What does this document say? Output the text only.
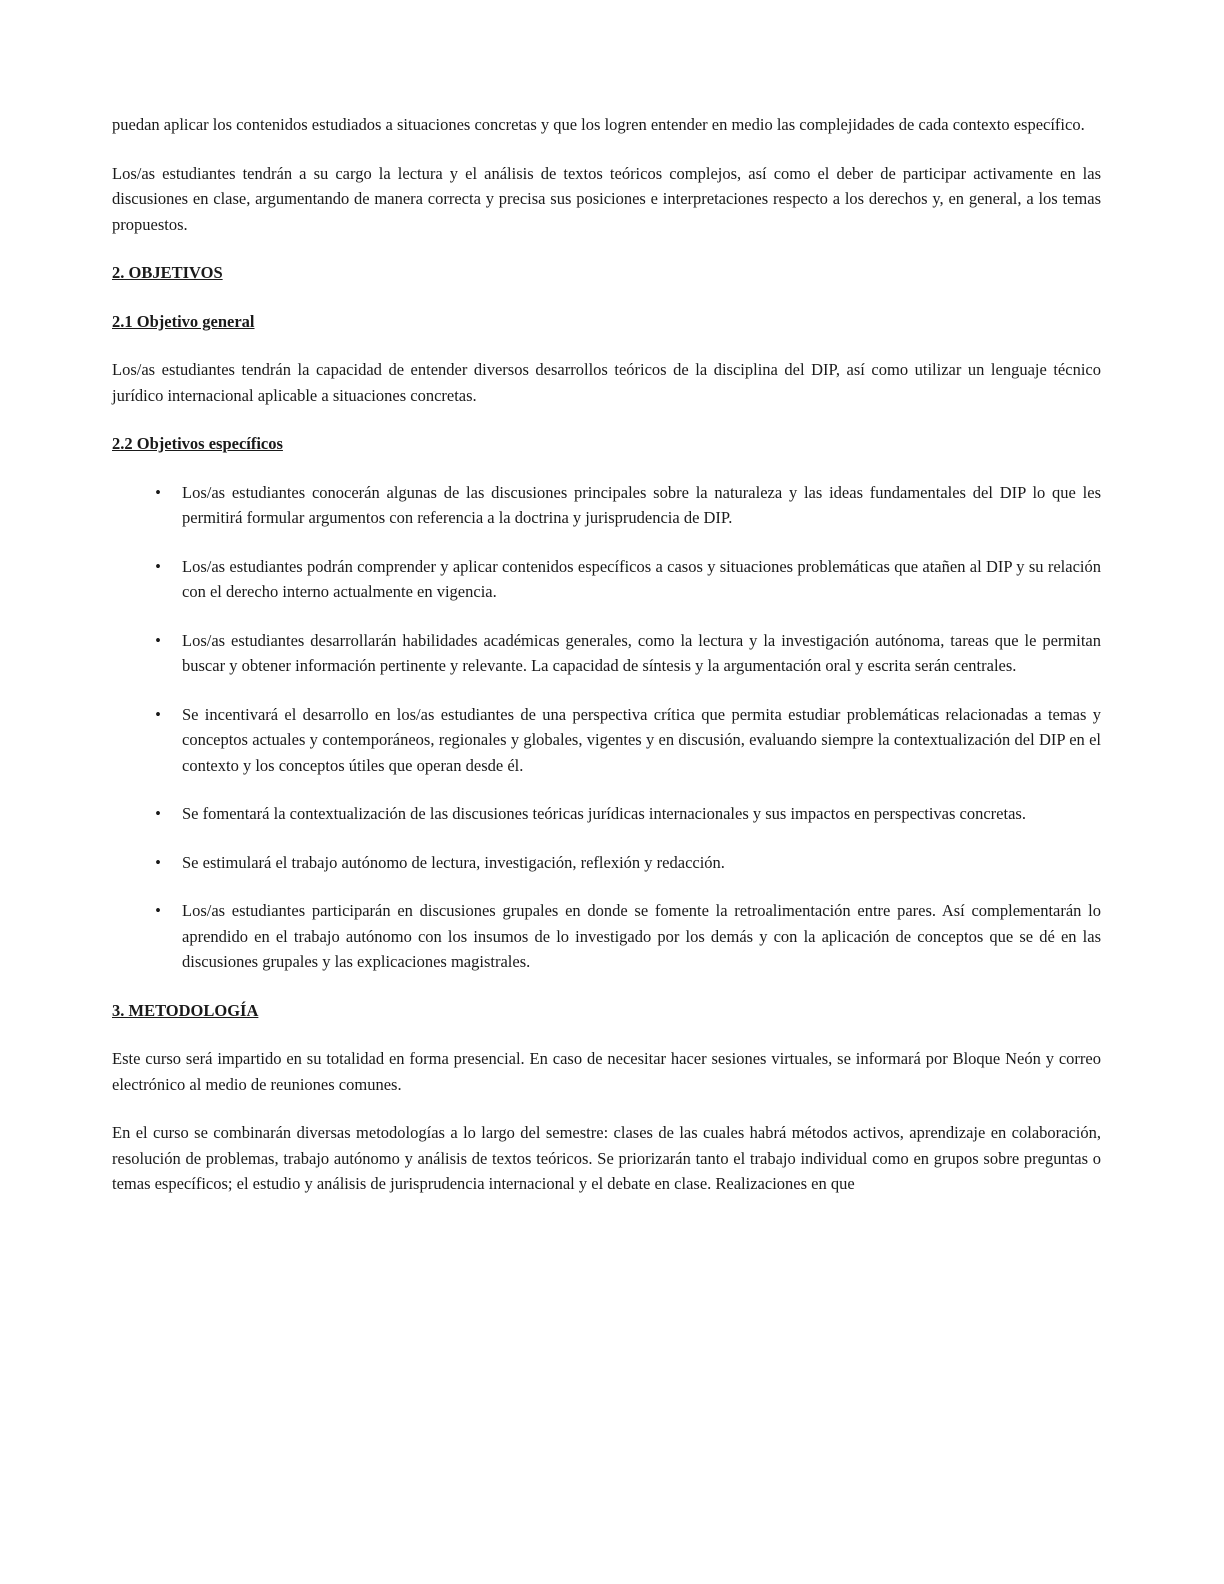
puedan aplicar los contenidos estudiados a situaciones concretas y que los logren entender en medio las complejidades de cada contexto específico.

Los/as estudiantes tendrán a su cargo la lectura y el análisis de textos teóricos complejos, así como el deber de participar activamente en las discusiones en clase, argumentando de manera correcta y precisa sus posiciones e interpretaciones respecto a los derechos y, en general, a los temas propuestos.

2. OBJETIVOS

2.1 Objetivo general

Los/as estudiantes tendrán la capacidad de entender diversos desarrollos teóricos de la disciplina del DIP, así como utilizar un lenguaje técnico jurídico internacional aplicable a situaciones concretas.

2.2 Objetivos específicos

•	Los/as estudiantes conocerán algunas de las discusiones principales sobre la naturaleza y las ideas fundamentales del DIP lo que les permitirá formular argumentos con referencia a la doctrina y jurisprudencia de DIP.
•	Los/as estudiantes podrán comprender y aplicar contenidos específicos a casos y situaciones problemáticas que atañen al DIP y su relación con el derecho interno actualmente en vigencia.
•	Los/as estudiantes desarrollarán habilidades académicas generales, como la lectura y la investigación autónoma, tareas que le permitan buscar y obtener información pertinente y relevante. La capacidad de síntesis y la argumentación oral y escrita serán centrales.
•	Se incentivará el desarrollo en los/as estudiantes de una perspectiva crítica que permita estudiar problemáticas relacionadas a temas y conceptos actuales y contemporáneos, regionales y globales, vigentes y en discusión, evaluando siempre la contextualización del DIP en el contexto y los conceptos útiles que operan desde él.
•	Se fomentará la contextualización de las discusiones teóricas jurídicas internacionales y sus impactos en perspectivas concretas.
•	Se estimulará el trabajo autónomo de lectura, investigación, reflexión y redacción.
•	Los/as estudiantes participarán en discusiones grupales en donde se fomente la retroalimentación entre pares. Así complementarán lo aprendido en el trabajo autónomo con los insumos de lo investigado por los demás y con la aplicación de conceptos que se dé en las discusiones grupales y las explicaciones magistrales.

3. METODOLOGÍA

Este curso será impartido en su totalidad en forma presencial. En caso de necesitar hacer sesiones virtuales, se informará por Bloque Neón y correo electrónico al medio de reuniones comunes.

En el curso se combinarán diversas metodologías a lo largo del semestre: clases de las cuales habrá métodos activos, aprendizaje en colaboración, resolución de problemas, trabajo autónomo y análisis de textos teóricos. Se priorizarán tanto el trabajo individual como en grupos sobre preguntas o temas específicos; el estudio y análisis de jurisprudencia internacional y el debate en clase. Realizaciones en que
